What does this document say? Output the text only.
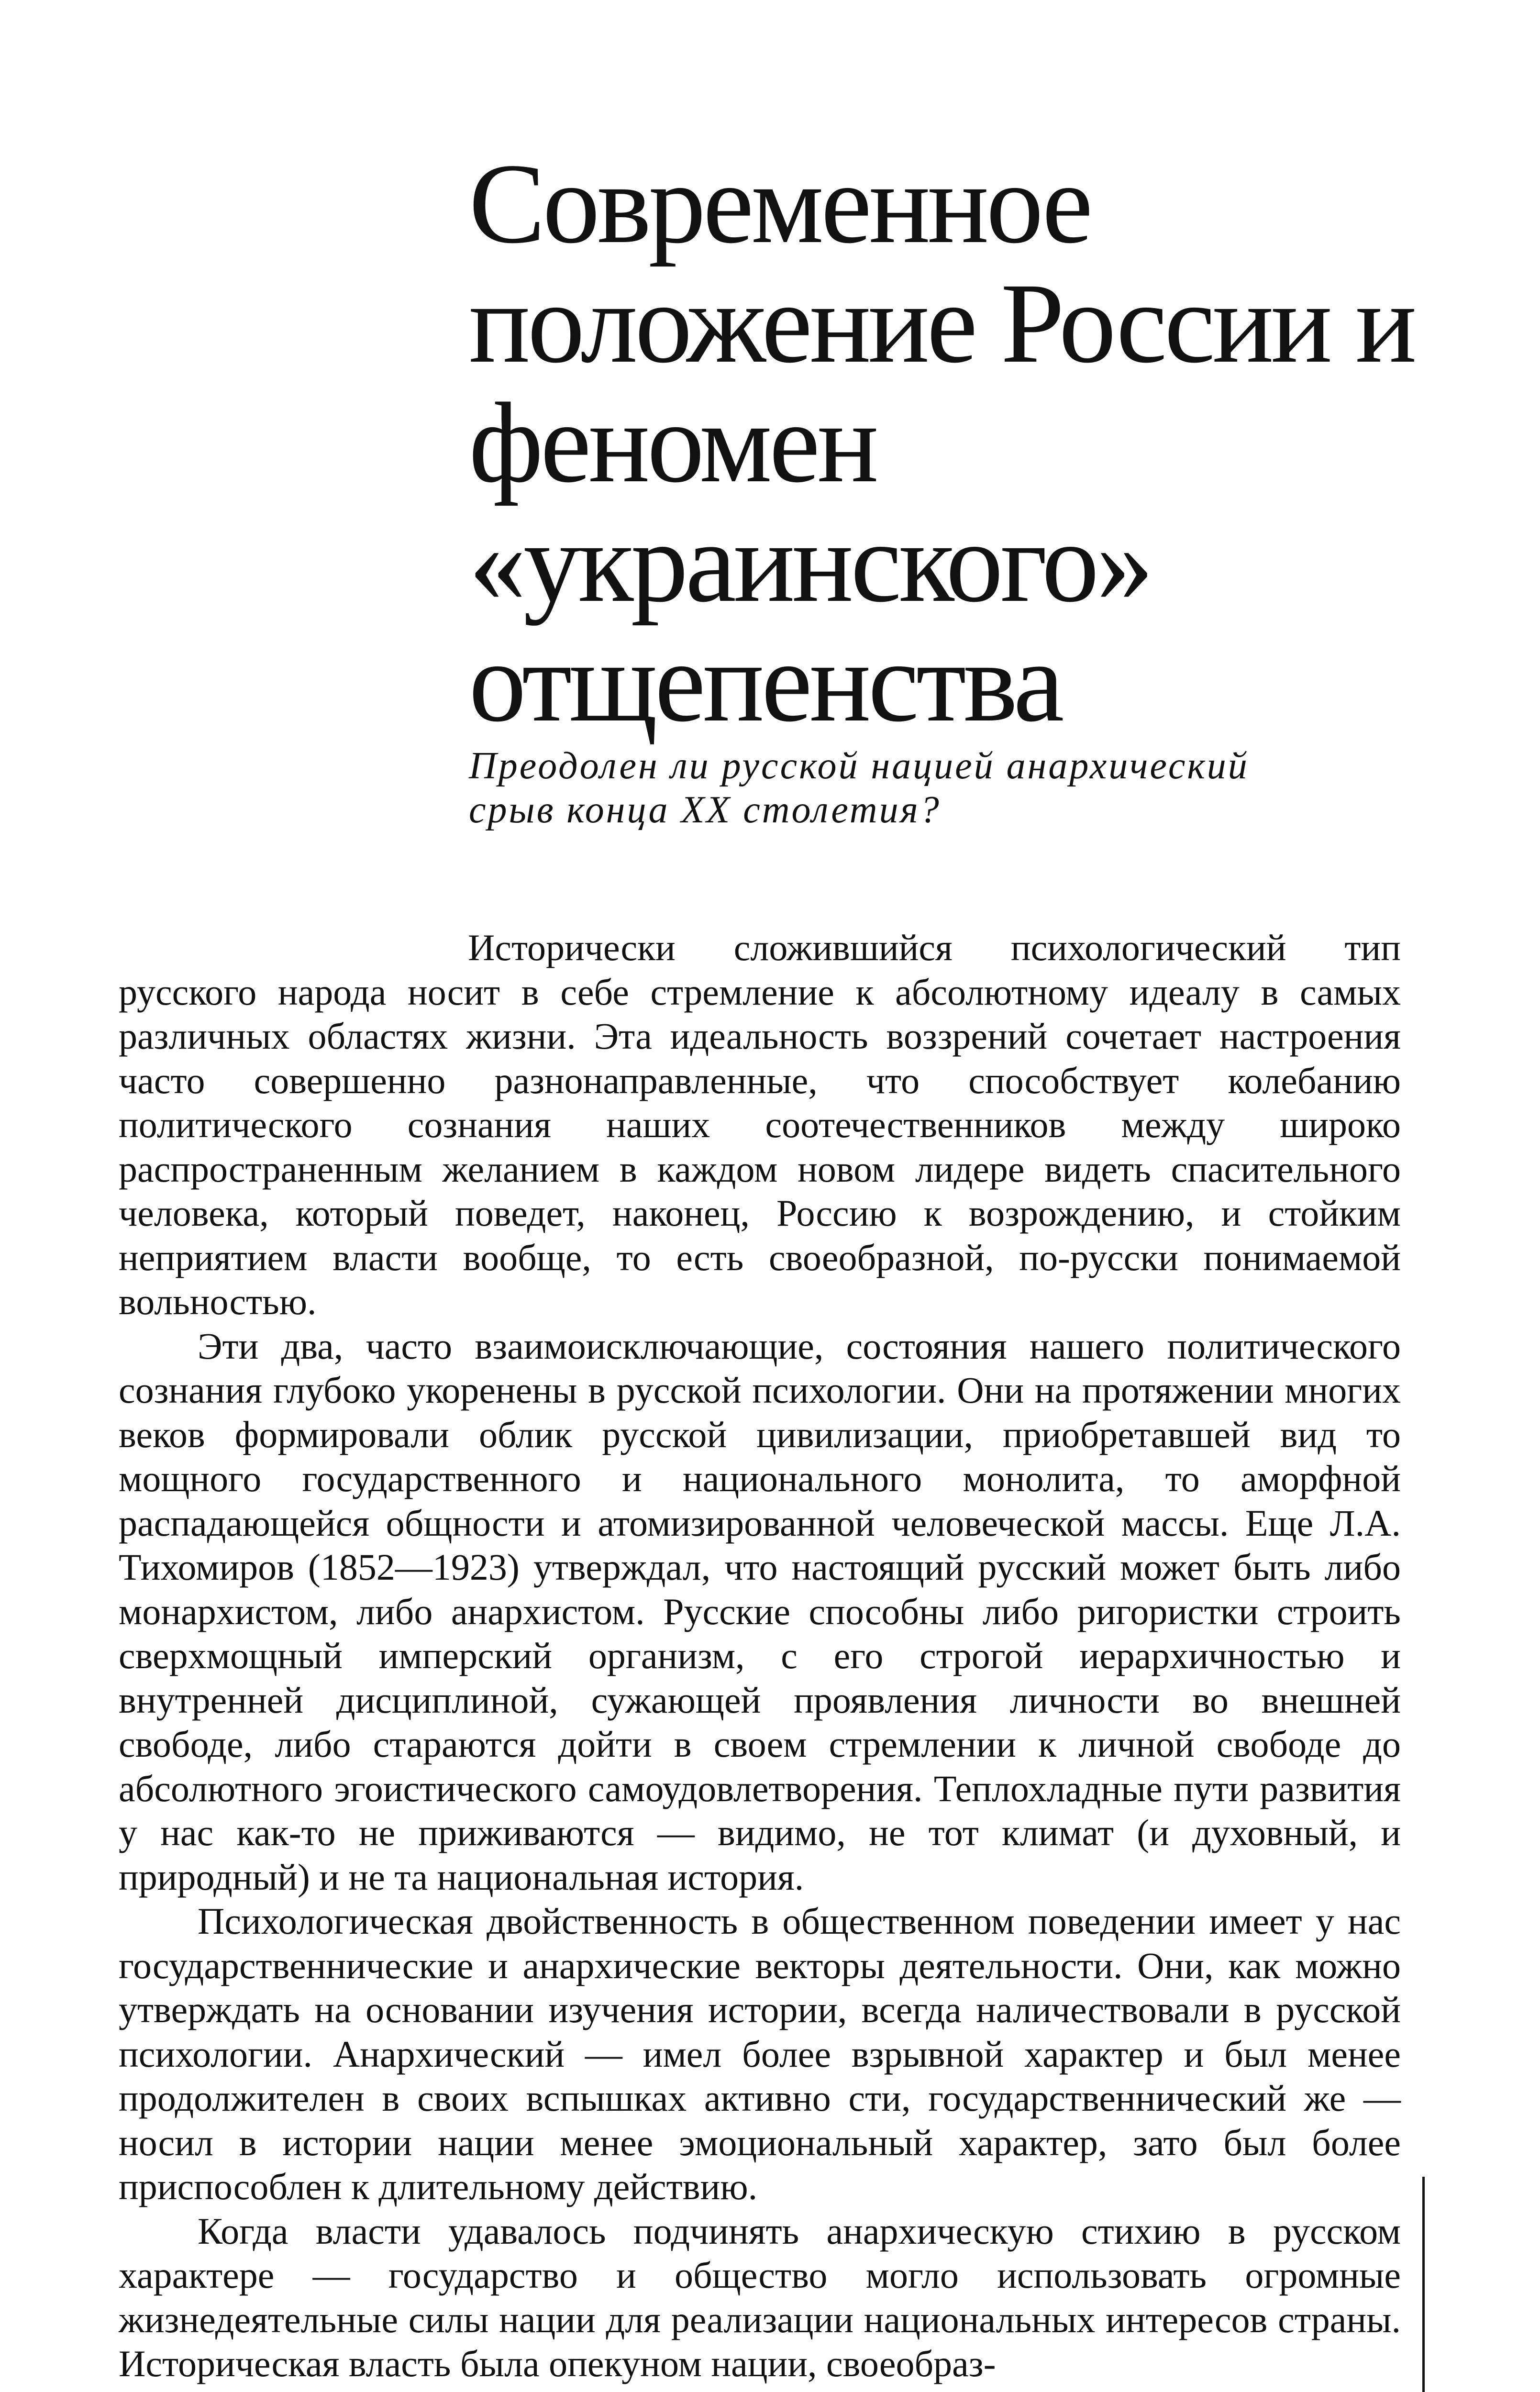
Современное
положение России и
феномен
«украинского»
отщепенства
Преодолен ли русской нацией анархический
срыв конца XX столетия?

Исторически сложившийся психологический тип русского народа носит в себе стремление к абсолютному идеалу в самых различных областях жизни. Эта идеальность воззрений сочетает настроения часто совершенно разнонаправленные, что способствует колебанию политического сознания наших соотечественников между широко распространенным желанием в каждом новом лидере видеть спасительного человека, который поведет, наконец, Россию к возрождению, и стойким неприятием власти вообще, то есть своеобразной, по-русски понимаемой вольностью.

Эти два, часто взаимоисключающие, состояния нашего политического сознания глубоко укоренены в русской психологии. Они на протяжении многих веков формировали облик русской цивилизации, приобретавшей вид то мощного государственного и национального монолита, то аморфной распадающейся общности и атомизированной человеческой массы. Еще Л.А. Тихомиров (1852—1923) утверждал, что настоящий русский может быть либо монархистом, либо анархистом. Русские способны либо ригористки строить сверхмощный имперский организм, с его строгой иерархичностью и внутренней дисциплиной, сужающей проявления личности во внешней свободе, либо стараются дойти в своем стремлении к личной свободе до абсолютного эгоистического самоудовлетворения. Теплохладные пути развития у нас как-то не приживаются — видимо, не тот климат (и духовный, и природный) и не та национальная история.

Психологическая двойственность в общественном поведении имеет у нас государственнические и анархические векторы деятельности. Они, как можно утверждать на основании изучения истории, всегда наличествовали в русской психологии. Анархический — имел более взрывной характер и был менее продолжителен в своих вспышках активно сти, государственнический же — носил в истории нации менее эмоциональный характер, зато был более приспособлен к длительному действию.

Когда власти удавалось подчинять анархическую стихию в русском характере — государство и общество могло использовать огромные жизнедеятельные силы нации для реализации национальных интересов страны. Историческая власть была опекуном нации, своеобраз-
